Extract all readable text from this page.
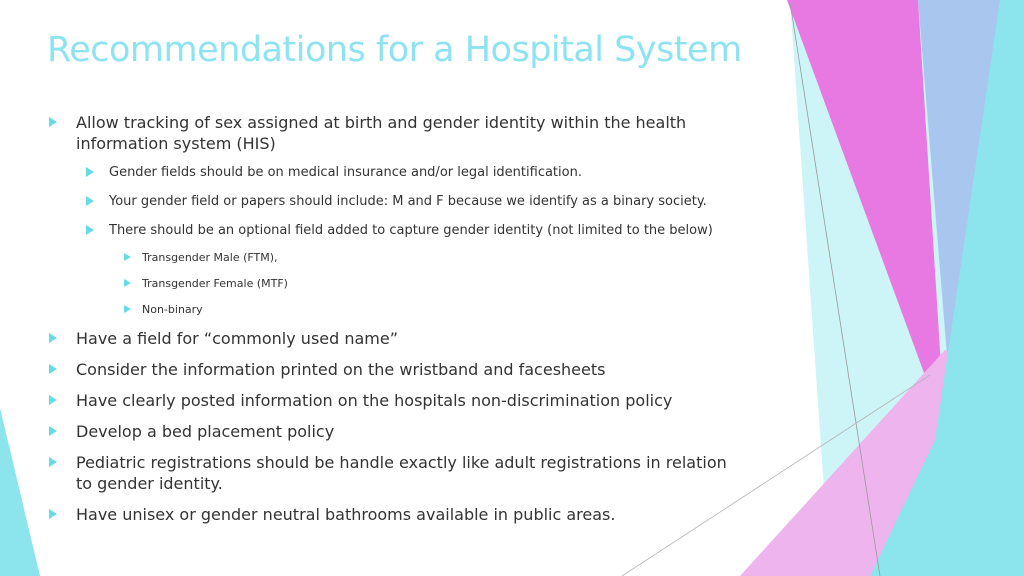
Recommendations for a Hospital System
Allow tracking of sex assigned at birth and gender identity within the health information system (HIS)
Gender fields should be on medical insurance and/or legal identification.
Your gender field or papers should include: M and F because we identify as a binary society.
There should be an optional field added to capture gender identity (not limited to the below)
Transgender Male (FTM),
Transgender Female (MTF)
Non-binary
Have a field for “commonly used name”
Consider the information printed on the wristband and facesheets
Have clearly posted information on the hospitals non-discrimination policy
Develop a bed placement policy
Pediatric registrations should be handle exactly like adult registrations in relation to gender identity.
Have unisex or gender neutral bathrooms available in public areas.
